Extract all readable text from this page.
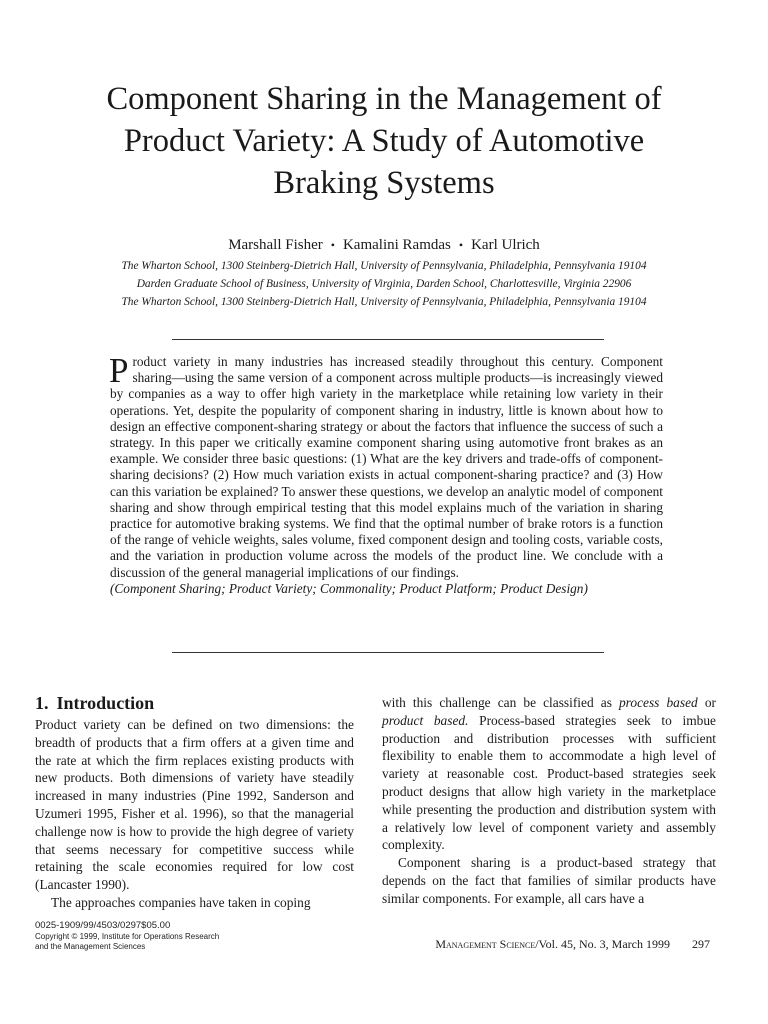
Component Sharing in the Management of
Product Variety: A Study of Automotive
Braking Systems
Marshall Fisher • Kamalini Ramdas • Karl Ulrich
The Wharton School, 1300 Steinberg-Dietrich Hall, University of Pennsylvania, Philadelphia, Pennsylvania 19104
Darden Graduate School of Business, University of Virginia, Darden School, Charlottesville, Virginia 22906
The Wharton School, 1300 Steinberg-Dietrich Hall, University of Pennsylvania, Philadelphia, Pennsylvania 19104
Product variety in many industries has increased steadily throughout this century. Component sharing—using the same version of a component across multiple products—is increasingly viewed by companies as a way to offer high variety in the marketplace while retaining low variety in their operations. Yet, despite the popularity of component sharing in industry, little is known about how to design an effective component-sharing strategy or about the factors that influence the success of such a strategy. In this paper we critically examine component sharing using automotive front brakes as an example. We consider three basic questions: (1) What are the key drivers and trade-offs of component-sharing decisions? (2) How much variation exists in actual component-sharing practice? and (3) How can this variation be explained? To answer these questions, we develop an analytic model of component sharing and show through empirical testing that this model explains much of the variation in sharing practice for automotive braking systems. We find that the optimal number of brake rotors is a function of the range of vehicle weights, sales volume, fixed component design and tooling costs, variable costs, and the variation in production volume across the models of the product line. We conclude with a discussion of the general managerial implications of our findings.
(Component Sharing; Product Variety; Commonality; Product Platform; Product Design)
1. Introduction

Product variety can be defined on two dimensions: the breadth of products that a firm offers at a given time and the rate at which the firm replaces existing products with new products. Both dimensions of variety have steadily increased in many industries (Pine 1992, Sanderson and Uzumeri 1995, Fisher et al. 1996), so that the managerial challenge now is how to provide the high degree of variety that seems necessary for competitive success while retaining the scale economies required for low cost (Lancaster 1990).

The approaches companies have taken in coping

with this challenge can be classified as process based or product based. Process-based strategies seek to imbue production and distribution processes with sufficient flexibility to enable them to accommodate a high level of variety at reasonable cost. Product-based strategies seek product designs that allow high variety in the marketplace while presenting the production and distribution system with a relatively low level of component variety and assembly complexity.

Component sharing is a product-based strategy that depends on the fact that families of similar products have similar components. For example, all cars have a

0025-1909/99/4503/0297$05.00
Copyright © 1999, Institute for Operations Research
and the Management Sciences	Management Science/Vol. 45, No. 3, March 1999 297
